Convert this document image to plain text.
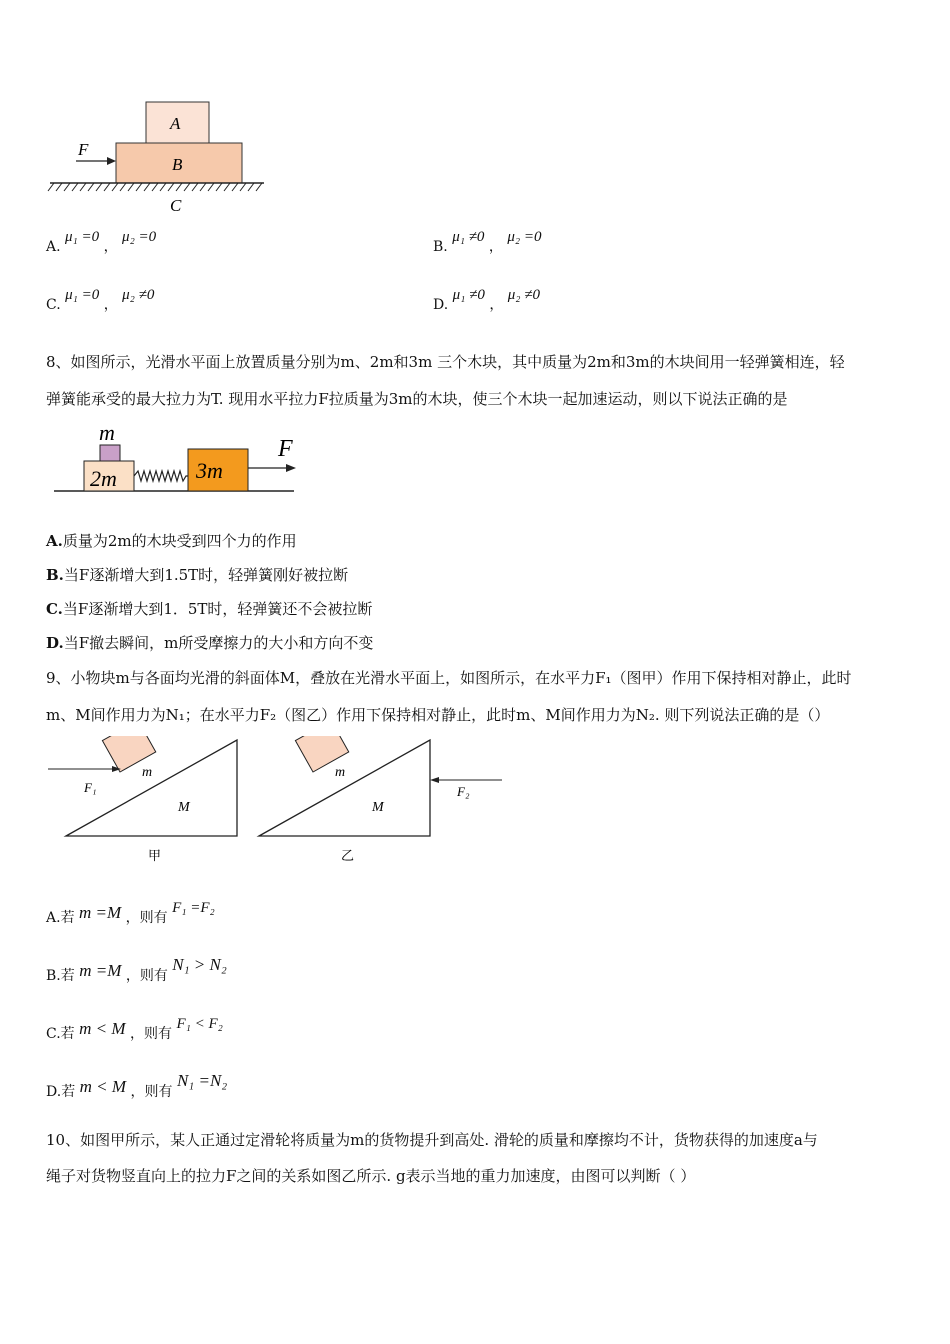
A
B
C
F
A. μ₁ =0 ， μ₂ =0
B. μ₁ ≠0 ， μ₂ =0
C. μ₁ =0 ， μ₂ ≠0
D. μ₁ ≠0 ， μ₂ ≠0
8、如图所示，光滑水平面上放置质量分别为m、2m和3m 三个木块，其中质量为2m和3m的木块间用一轻弹簧相连，轻
弹簧能承受的最大拉力为T. 现用水平拉力F拉质量为3m的木块，使三个木块一起加速运动，则以下说法正确的是
m
2m	3m
F
A.质量为2m的木块受到四个力的作用
B.当F逐渐增大到1.5T时，轻弹簧刚好被拉断
C.当F逐渐增大到1．5T时，轻弹簧还不会被拉断
D.当F撤去瞬间，m所受摩擦力的大小和方向不变
9、小物块m与各面均光滑的斜面体M，叠放在光滑水平面上，如图所示，在水平力F₁（图甲）作用下保持相对静止，此时
m、M间作用力为N₁；在水平力F₂（图乙）作用下保持相对静止，此时m、M间作用力为N₂. 则下列说法正确的是（）
m
M
F₁
甲
m
M
F₂
乙
A.若 m =M ，则有 F₁ =F₂
B.若 m =M ，则有 N₁ > N₂
C.若 m < M ，则有 F₁ < F₂
D.若 m < M ，则有 N₁ =N₂
10、如图甲所示，某人正通过定滑轮将质量为m的货物提升到高处. 滑轮的质量和摩擦均不计，货物获得的加速度a与
绳子对货物竖直向上的拉力F之间的关系如图乙所示. g表示当地的重力加速度，由图可以判断（ ）
